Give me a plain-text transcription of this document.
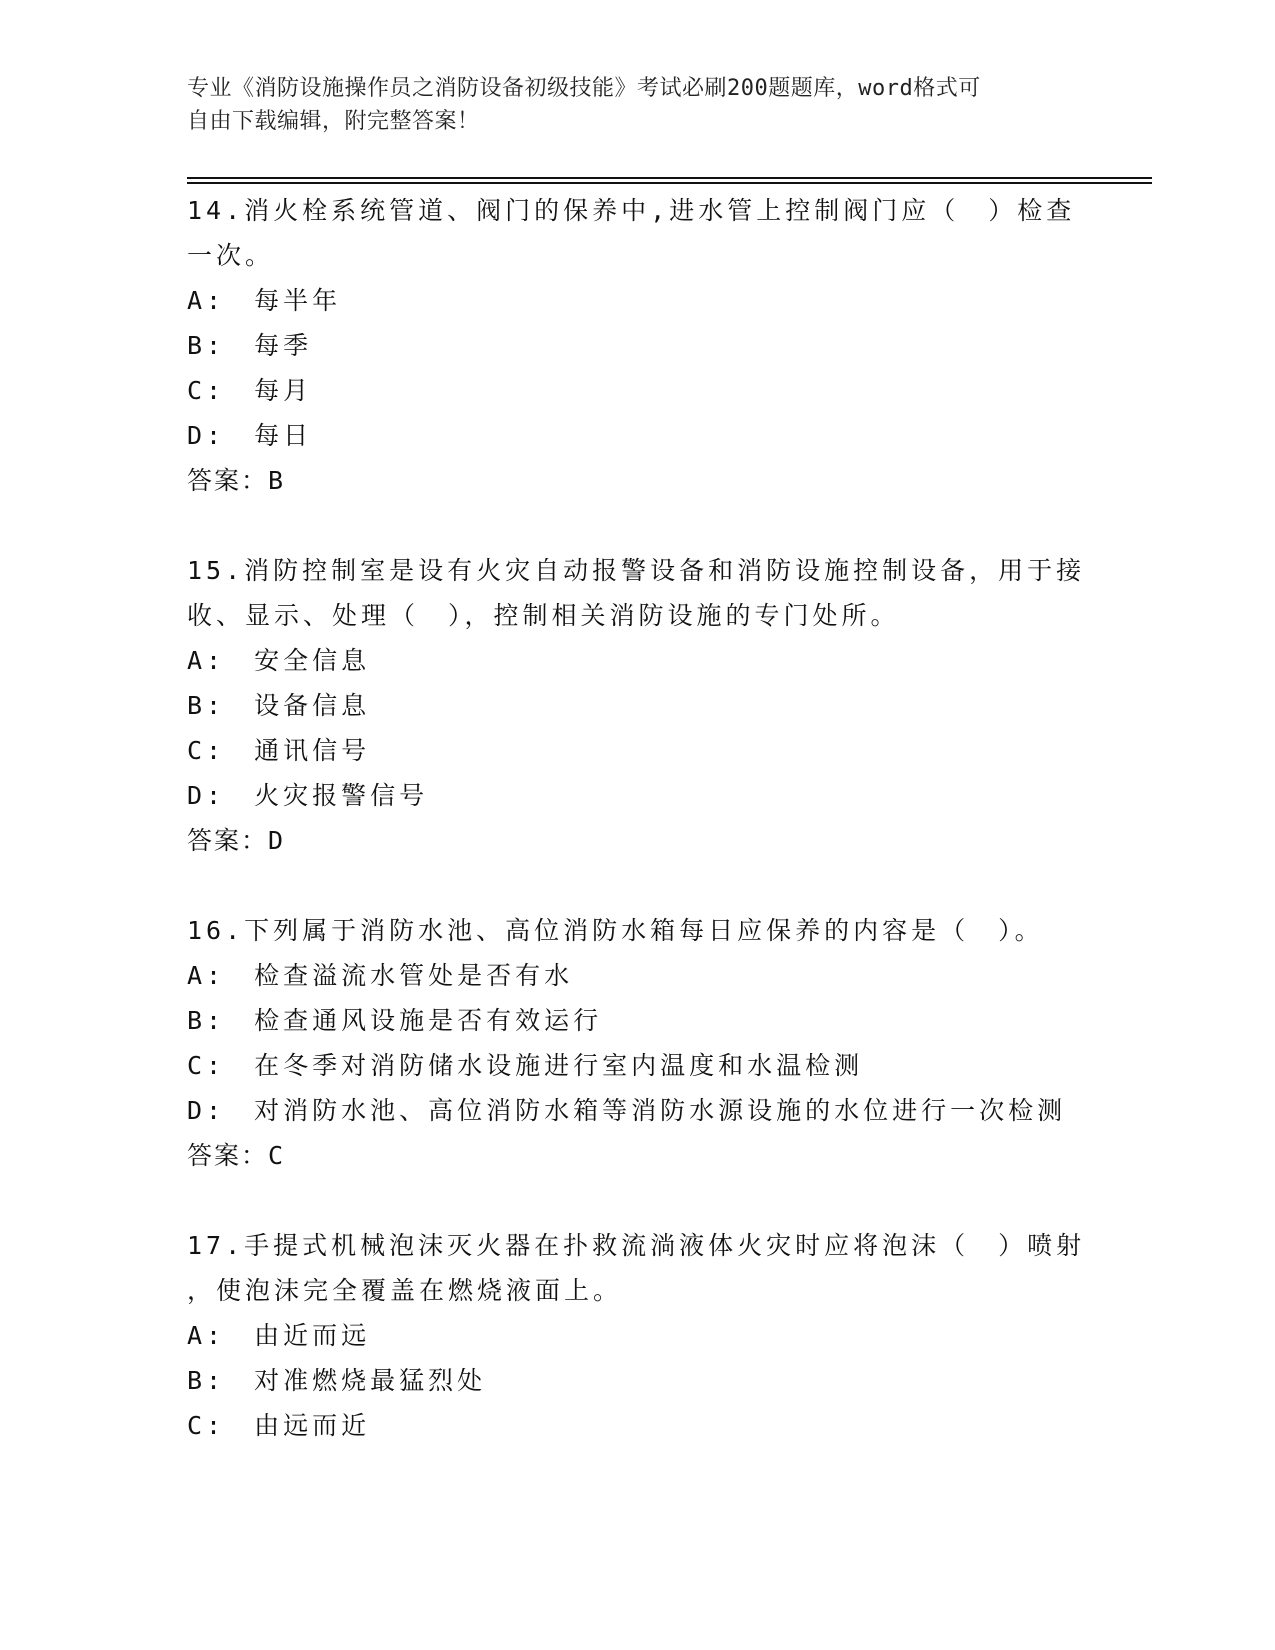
专业《消防设施操作员之消防设备初级技能》考试必刷200题题库，word格式可
自由下载编辑，附完整答案！
14.消火栓系统管道、阀门的保养中,进水管上控制阀门应（　）检查
一次。
A:　每半年
B:　每季
C:　每月
D:　每日
答案：B
15.消防控制室是设有火灾自动报警设备和消防设施控制设备，用于接
收、显示、处理（　），控制相关消防设施的专门处所。
A:　安全信息
B:　设备信息
C:　通讯信号
D:　火灾报警信号
答案：D
16.下列属于消防水池、高位消防水箱每日应保养的内容是（　）。
A:　检查溢流水管处是否有水
B:　检查通风设施是否有效运行
C:　在冬季对消防储水设施进行室内温度和水温检测
D:　对消防水池、高位消防水箱等消防水源设施的水位进行一次检测
答案：C
17.手提式机械泡沫灭火器在扑救流淌液体火灾时应将泡沫（　）喷射
，使泡沫完全覆盖在燃烧液面上。
A:　由近而远
B:　对准燃烧最猛烈处
C:　由远而近
